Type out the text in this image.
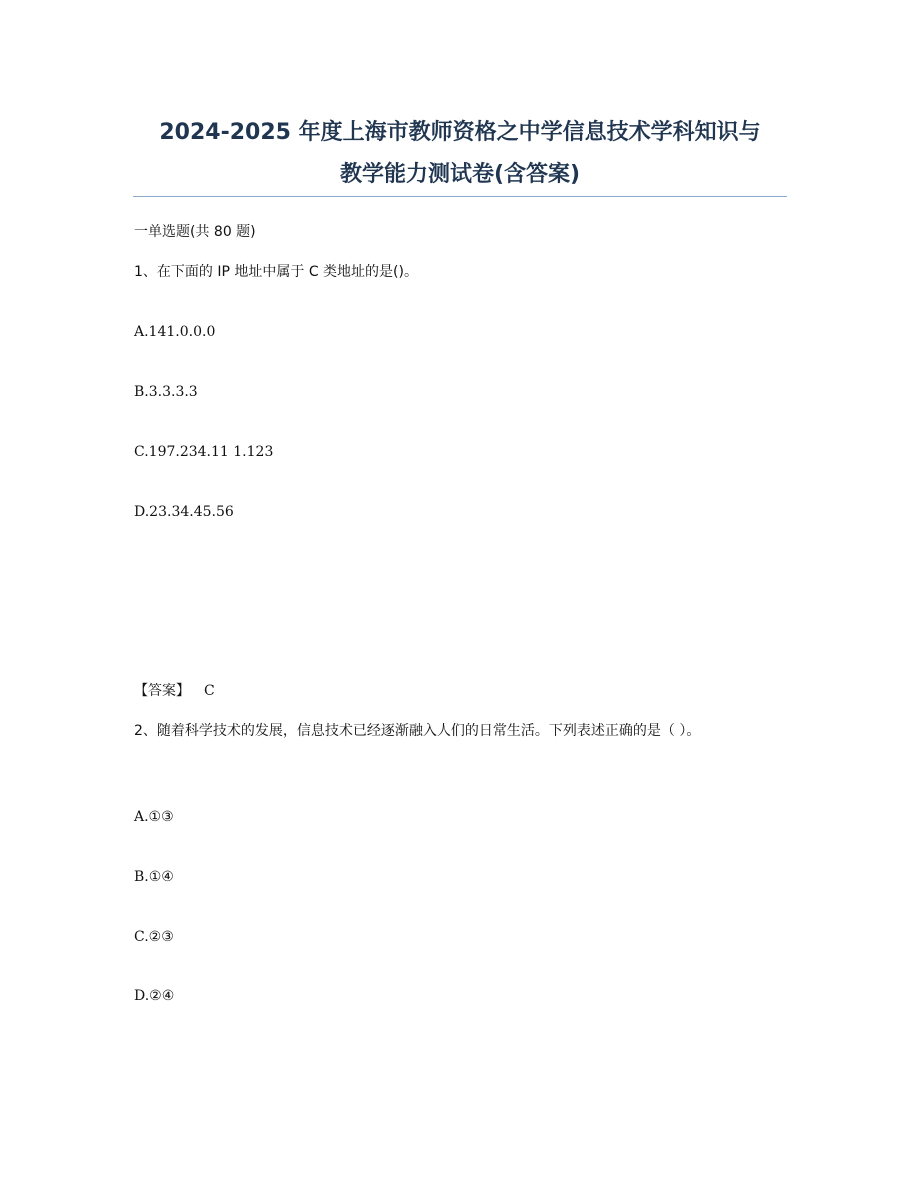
2024-2025 年度上海市教师资格之中学信息技术学科知识与
教学能力测试卷(含答案)
一单选题(共 80 题)
1、在下面的 IP 地址中属于 C 类地址的是()。
A.141.0.0.0
B.3.3.3.3
C.197.234.11 1.123
D.23.34.45.56
【答案】 C
2、随着科学技术的发展，信息技术已经逐渐融入人们的日常生活。下列表述正确的是（ ）。
A.①③
B.①④
C.②③
D.②④
